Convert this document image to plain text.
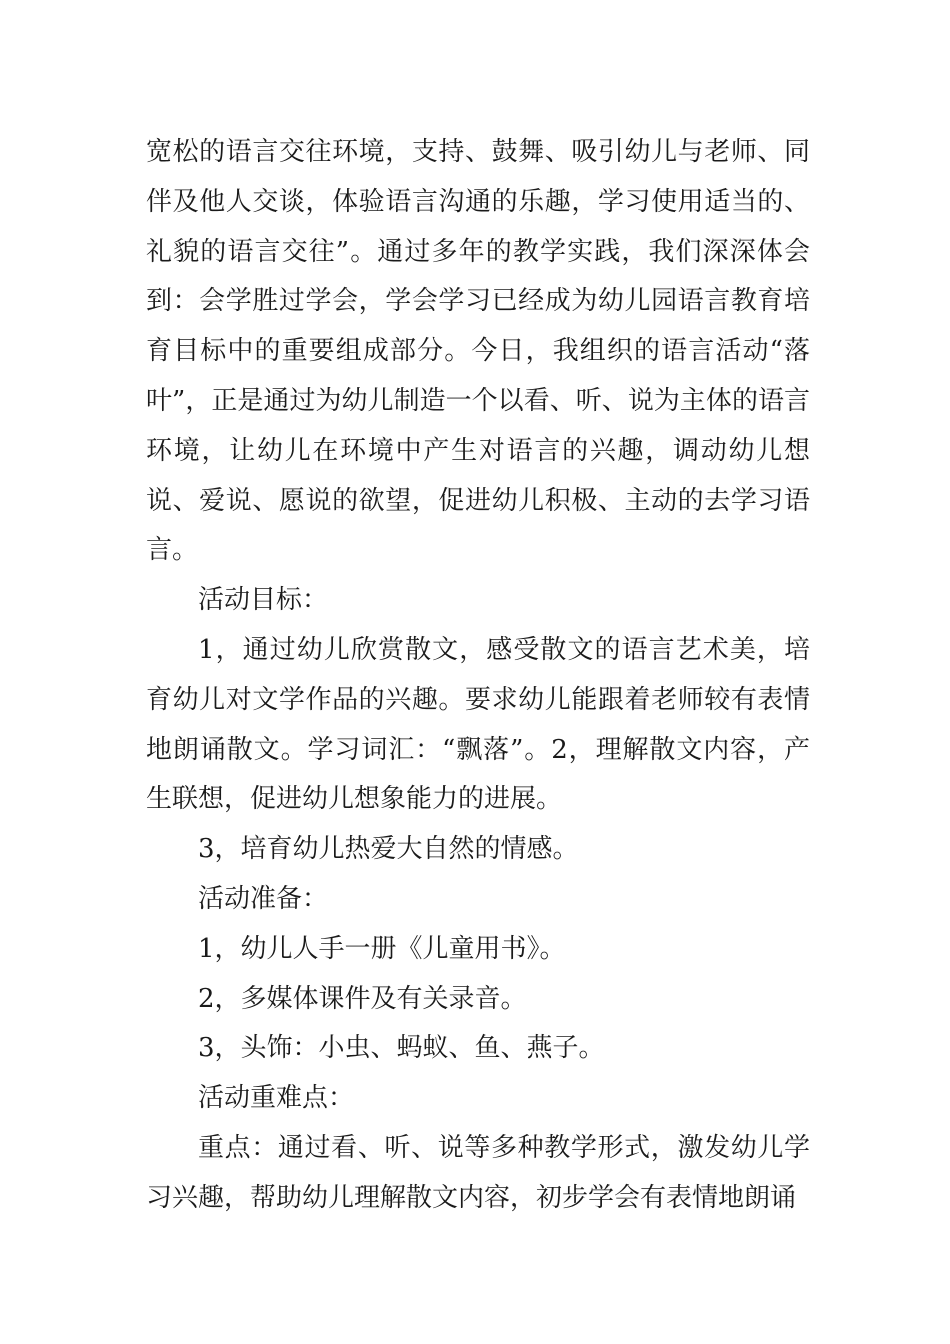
宽松的语言交往环境，支持、鼓舞、吸引幼儿与老师、同伴及他人交谈，体验语言沟通的乐趣，学习使用适当的、礼貌的语言交往”。通过多年的教学实践，我们深深体会到：会学胜过学会，学会学习已经成为幼儿园语言教育培育目标中的重要组成部分。今日，我组织的语言活动“落叶”，正是通过为幼儿制造一个以看、听、说为主体的语言环境，让幼儿在环境中产生对语言的兴趣，调动幼儿想说、爱说、愿说的欲望，促进幼儿积极、主动的去学习语言。

活动目标：

1，通过幼儿欣赏散文，感受散文的语言艺术美，培育幼儿对文学作品的兴趣。要求幼儿能跟着老师较有表情地朗诵散文。学习词汇：“飘落”。2，理解散文内容，产生联想，促进幼儿想象能力的进展。

3，培育幼儿热爱大自然的情感。

活动准备：

1，幼儿人手一册《儿童用书》。

2，多媒体课件及有关录音。

3，头饰：小虫、蚂蚁、鱼、燕子。

活动重难点：

重点：通过看、听、说等多种教学形式，激发幼儿学习兴趣，帮助幼儿理解散文内容，初步学会有表情地朗诵
